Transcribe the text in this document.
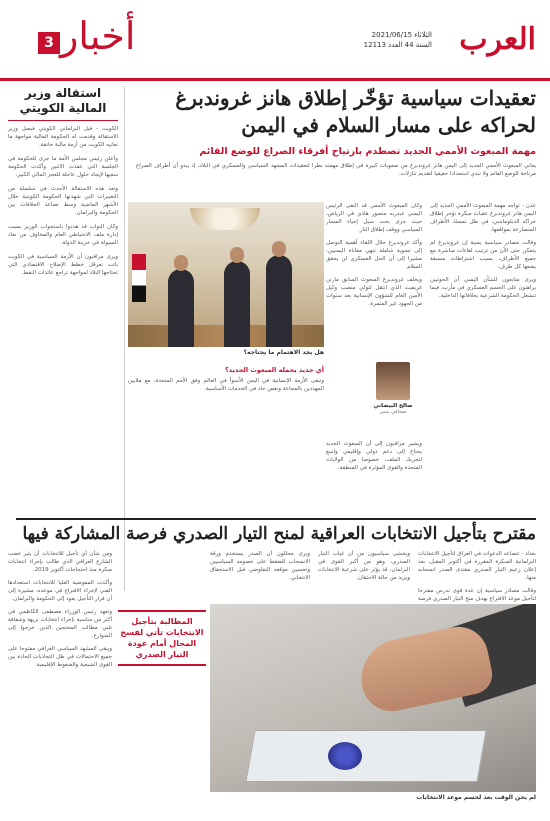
العرب
الثلاثاء 2021/06/15
السنة 44 العدد 12113
أخبار
3
استقالة وزير المالية الكويتي

الكويت - قبل البرلماني الكويتي فيصل وزير الاستقالة وقدمت له الحكومة المالية مواجهة ما تعانيه الكويت من أزمة مالية خانقة.

وأعلن رئيس مجلس الأمة ما جرى للحكومة في الجلسة التي عقدت الاثنين وأكدت الحكومة سعيها لإيجاد حلول عاجلة للعجز المالي الكبير.

وتعد هذه الاستقالة الأحدث في سلسلة من التغييرات التي شهدتها الحكومة الكويتية خلال الأشهر الماضية وسط تصاعد الخلافات بين الحكومة والبرلمان.

وكان النواب قد هددوا باستجواب الوزير بسبب إدارة ملف الاحتياطي العام والمخاوف من نفاد السيولة في خزينة الدولة.

ويرى مراقبون أن الأزمة السياسية في الكويت باتت تعرقل خطط الإصلاح الاقتصادي التي تحتاجها البلاد لمواجهة تراجع عائدات النفط.

تعقيدات سياسية تؤخّر إطلاق هانز غروندبرغ لحراكه على مسار السلام في اليمن
مهمة المبعوث الأممي الجديد تصطدم بارتياح أفرقاء الصراع للوضع القائم
يعاني المبعوث الأممي الجديد إلى اليمن هانز غروندبرغ من صعوبات كبيرة في إطلاق مهمته نظرا لتعقيدات المشهد السياسي والعسكري في البلاد، إذ يبدو أن أطراف الصراع مرتاحة للوضع القائم ولا تبدي استعدادا حقيقيا لتقديم تنازلات.
هل يجد الاهتمام ما يحتاجه؟

عدن - تواجه مهمة المبعوث الأممي الجديد إلى اليمن هانز غروندبرغ عقبات مبكرة تؤخر إطلاق حراكه الدبلوماسي، في ظل تمسك الأطراف المتصارعة بمواقفها.

وقالت مصادر سياسية يمنية إن غروندبرغ لم يتمكن حتى الآن من ترتيب لقاءات مباشرة مع جميع الأطراف، بسبب اشتراطات مسبقة يضعها كل طرف.

ويرى متابعون للشأن اليمني أن الحوثيين يراهنون على الحسم العسكري في مأرب، فيما تنشغل الحكومة الشرعية بخلافاتها الداخلية.

وكان المبعوث الأممي قد التقى الرئيس اليمني عبدربه منصور هادي في الرياض، حيث جرى بحث سبل إحياء المسار السياسي ووقف إطلاق النار.

وأكد غروندبرغ خلال اللقاء أهمية التوصل إلى تسوية شاملة تنهي معاناة اليمنيين، مشيرا إلى أن الحل العسكري لن يحقق السلام.

ويخلف غروندبرغ المبعوث السابق مارتن غريفيث الذي انتقل لتولي منصب وكيل الأمين العام للشؤون الإنسانية بعد سنوات من الجهود غير المثمرة.

صالح البيضاني
صحافي يمني

ويشير مراقبون إلى أن المبعوث الجديد يحتاج إلى دعم دولي وإقليمي واسع لتحريك الملف، خصوصا من الولايات المتحدة والقوى المؤثرة في المنطقة.

أي جديد يحمله المبعوث الجديد؟

وتبقى الأزمة الإنسانية في اليمن الأسوأ في العالم وفق الأمم المتحدة، مع ملايين المهددين بالمجاعة ونقص حاد في الخدمات الأساسية.

مقترح بتأجيل الانتخابات العراقية لمنح التيار الصدري فرصة المشاركة فيها

بغداد - تتصاعد الدعوات في العراق لتأجيل الانتخابات البرلمانية المبكرة المقررة في أكتوبر المقبل، بعد إعلان زعيم التيار الصدري مقتدى الصدر انسحابه منها.

وقالت مصادر سياسية إن عدة قوى تدرس مقترحا لتأجيل موعد الاقتراع بهدف منح التيار الصدري فرصة

ويخشى سياسيون من أن غياب التيار الصدري، وهو من أكبر القوى في البرلمان، قد يؤثر على شرعية الانتخابات ويزيد من حالة الاحتقان.

ويرى محللون أن الصدر يستخدم ورقة الانسحاب للضغط على خصومه السياسيين وتحسين موقعه التفاوضي قبل الاستحقاق الانتخابي.

ومن شأن أي تأجيل للانتخابات أن يثير غضب الشارع العراقي الذي طالب بإجراء انتخابات مبكرة منذ احتجاجات أكتوبر 2019.

وأكدت المفوضية العليا للانتخابات استعدادها الفني لإجراء الاقتراع في موعده، مشيرة إلى أن قرار التأجيل يعود إلى الحكومة والبرلمان.

وتعهد رئيس الوزراء مصطفى الكاظمي في أكثر من مناسبة بإجراء انتخابات نزيهة وشفافة تلبي مطالب المحتجين الذين خرجوا إلى الشوارع.

ويبقى المشهد السياسي العراقي مفتوحا على جميع الاحتمالات في ظل التجاذبات الحادة بين القوى الشيعية والضغوط الإقليمية.

المطالبة بتأجيل الانتخابات تأتي لفسح المجال أمام عودة التيار الصدري
لم يحن الوقت بعد لحسم موعد الانتخابات
